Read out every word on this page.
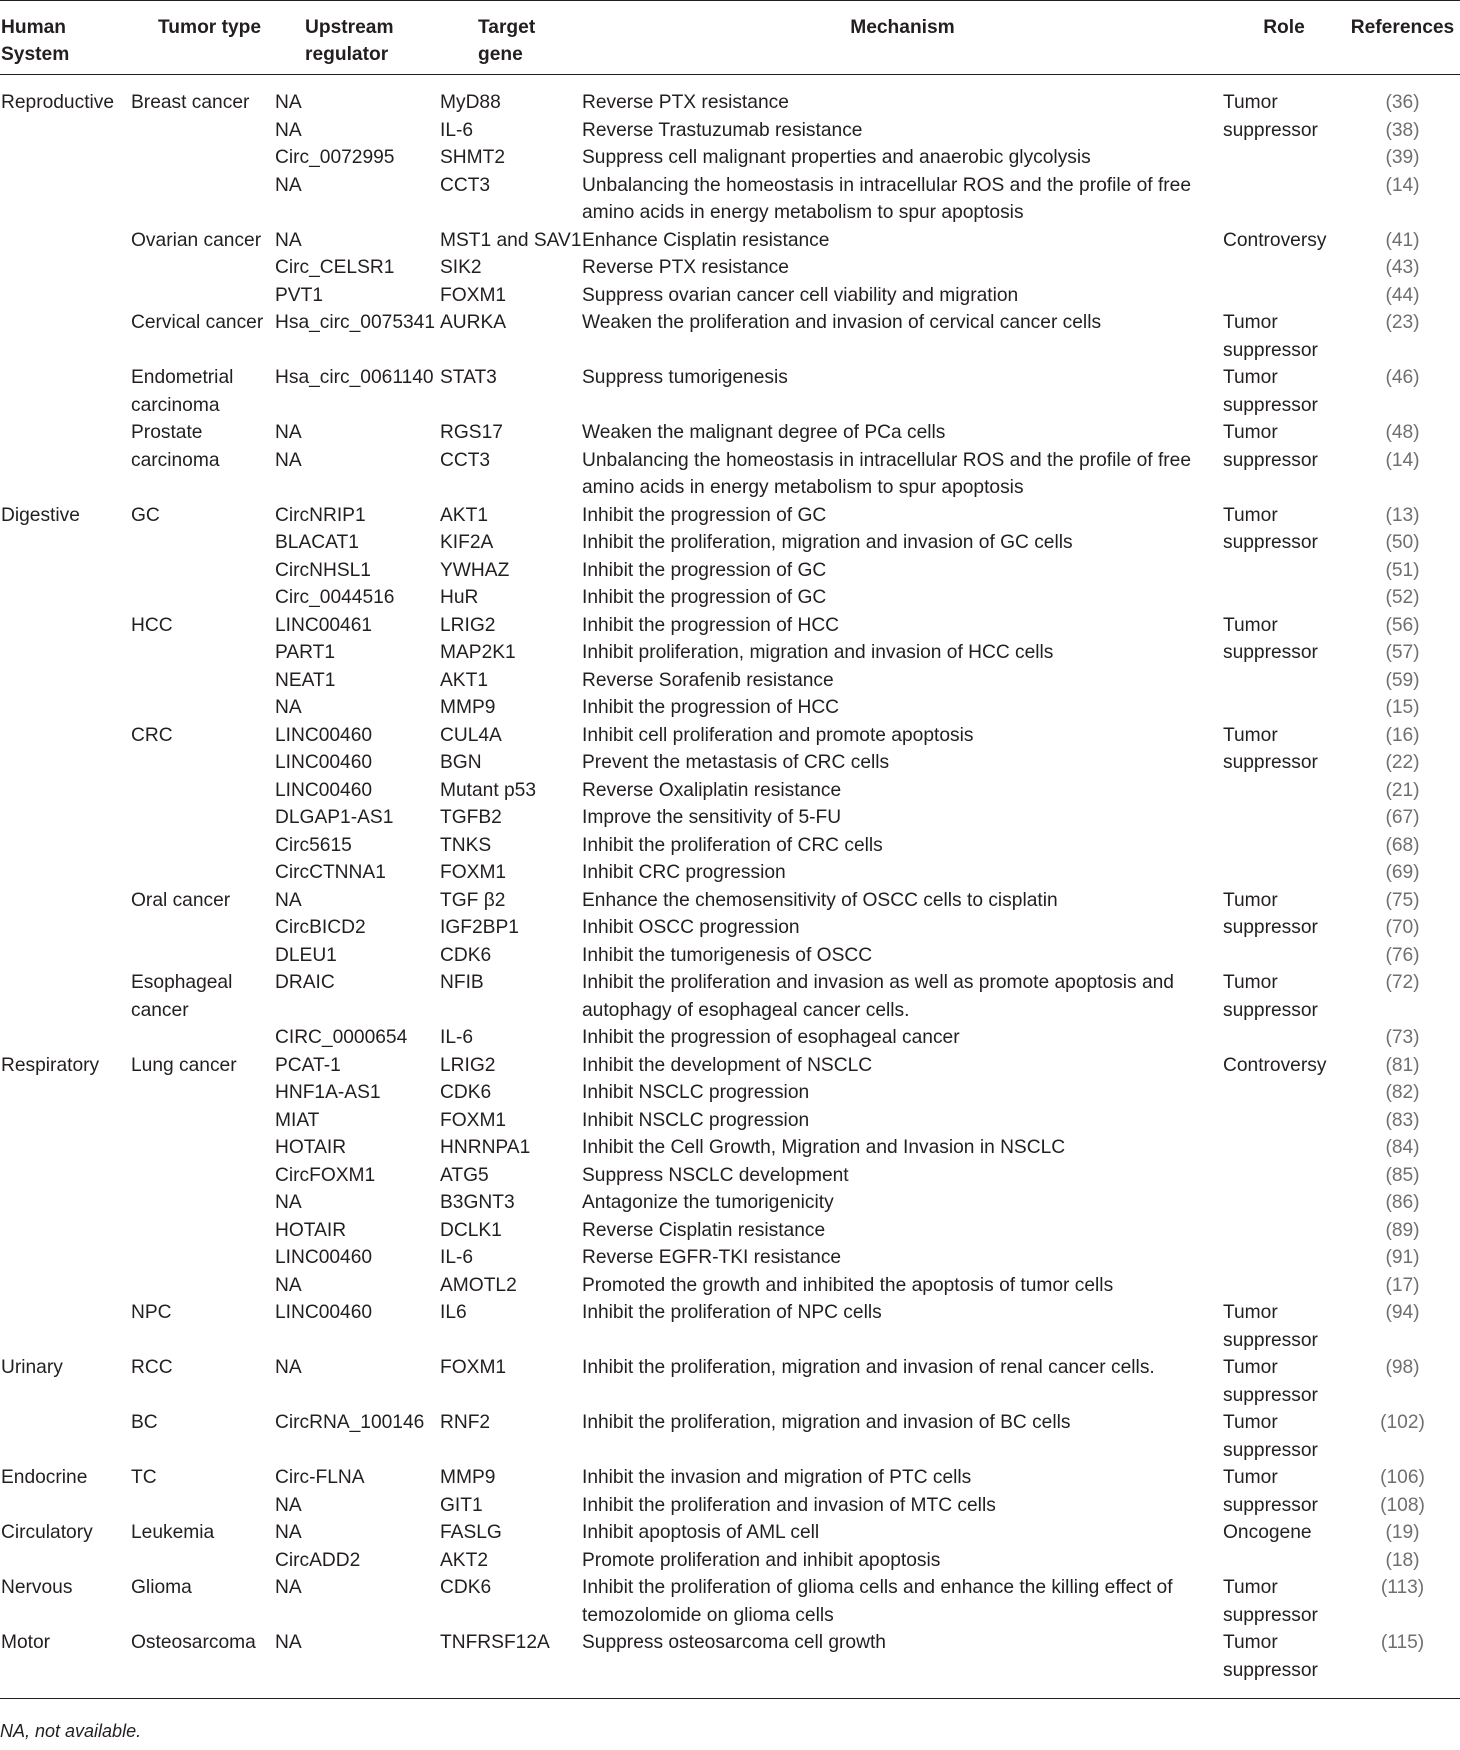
Human System	Tumor type	Upstream regulator	Target gene	Mechanism	Role	References
Reproductive	Breast cancer	NA	MyD88	Reverse PTX resistance	Tumor	(36)
		NA	IL-6	Reverse Trastuzumab resistance	suppressor	(38)
		Circ_0072995	SHMT2	Suppress cell malignant properties and anaerobic glycolysis		(39)
		NA	CCT3	Unbalancing the homeostasis in intracellular ROS and the profile of free amino acids in energy metabolism to spur apoptosis		(14)
	Ovarian cancer	NA	MST1 and SAV1	Enhance Cisplatin resistance	Controversy	(41)
		Circ_CELSR1	SIK2	Reverse PTX resistance		(43)
		PVT1	FOXM1	Suppress ovarian cancer cell viability and migration		(44)
	Cervical cancer	Hsa_circ_0075341	AURKA	Weaken the proliferation and invasion of cervical cancer cells	Tumor suppressor	(23)
	Endometrial carcinoma	Hsa_circ_0061140	STAT3	Suppress tumorigenesis	Tumor suppressor	(46)
	Prostate	NA	RGS17	Weaken the malignant degree of PCa cells	Tumor	(48)
	carcinoma	NA	CCT3	Unbalancing the homeostasis in intracellular ROS and the profile of free amino acids in energy metabolism to spur apoptosis	suppressor	(14)
Digestive	GC	CircNRIP1	AKT1	Inhibit the progression of GC	Tumor	(13)
		BLACAT1	KIF2A	Inhibit the proliferation, migration and invasion of GC cells	suppressor	(50)
		CircNHSL1	YWHAZ	Inhibit the progression of GC		(51)
		Circ_0044516	HuR	Inhibit the progression of GC		(52)
	HCC	LINC00461	LRIG2	Inhibit the progression of HCC	Tumor	(56)
		PART1	MAP2K1	Inhibit proliferation, migration and invasion of HCC cells	suppressor	(57)
		NEAT1	AKT1	Reverse Sorafenib resistance		(59)
		NA	MMP9	Inhibit the progression of HCC		(15)
	CRC	LINC00460	CUL4A	Inhibit cell proliferation and promote apoptosis	Tumor	(16)
		LINC00460	BGN	Prevent the metastasis of CRC cells	suppressor	(22)
		LINC00460	Mutant p53	Reverse Oxaliplatin resistance		(21)
		DLGAP1-AS1	TGFB2	Improve the sensitivity of 5-FU		(67)
		Circ5615	TNKS	Inhibit the proliferation of CRC cells		(68)
		CircCTNNA1	FOXM1	Inhibit CRC progression		(69)
	Oral cancer	NA	TGF β2	Enhance the chemosensitivity of OSCC cells to cisplatin	Tumor	(75)
		CircBICD2	IGF2BP1	Inhibit OSCC progression	suppressor	(70)
		DLEU1	CDK6	Inhibit the tumorigenesis of OSCC		(76)
	Esophageal cancer	DRAIC	NFIB	Inhibit the proliferation and invasion as well as promote apoptosis and autophagy of esophageal cancer cells.	Tumor suppressor	(72)
		CIRC_0000654	IL-6	Inhibit the progression of esophageal cancer		(73)
Respiratory	Lung cancer	PCAT-1	LRIG2	Inhibit the development of NSCLC	Controversy	(81)
		HNF1A-AS1	CDK6	Inhibit NSCLC progression		(82)
		MIAT	FOXM1	Inhibit NSCLC progression		(83)
		HOTAIR	HNRNPA1	Inhibit the Cell Growth, Migration and Invasion in NSCLC		(84)
		CircFOXM1	ATG5	Suppress NSCLC development		(85)
		NA	B3GNT3	Antagonize the tumorigenicity		(86)
		HOTAIR	DCLK1	Reverse Cisplatin resistance		(89)
		LINC00460	IL-6	Reverse EGFR-TKI resistance		(91)
		NA	AMOTL2	Promoted the growth and inhibited the apoptosis of tumor cells		(17)
	NPC	LINC00460	IL6	Inhibit the proliferation of NPC cells	Tumor suppressor	(94)
Urinary	RCC	NA	FOXM1	Inhibit the proliferation, migration and invasion of renal cancer cells.	Tumor suppressor	(98)
	BC	CircRNA_100146	RNF2	Inhibit the proliferation, migration and invasion of BC cells	Tumor suppressor	(102)
Endocrine	TC	Circ-FLNA	MMP9	Inhibit the invasion and migration of PTC cells	Tumor	(106)
		NA	GIT1	Inhibit the proliferation and invasion of MTC cells	suppressor	(108)
Circulatory	Leukemia	NA	FASLG	Inhibit apoptosis of AML cell	Oncogene	(19)
		CircADD2	AKT2	Promote proliferation and inhibit apoptosis		(18)
Nervous	Glioma	NA	CDK6	Inhibit the proliferation of glioma cells and enhance the killing effect of temozolomide on glioma cells	Tumor suppressor	(113)
Motor	Osteosarcoma	NA	TNFRSF12A	Suppress osteosarcoma cell growth	Tumor suppressor	(115)
NA, not available.
